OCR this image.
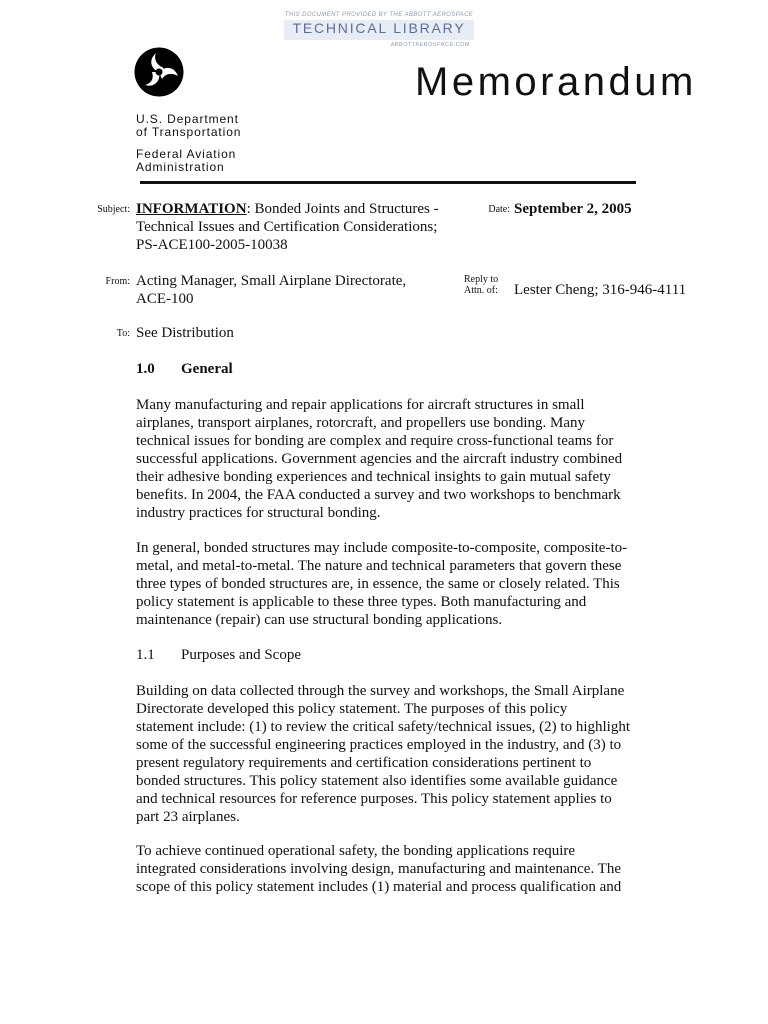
THIS DOCUMENT PROVIDED BY THE ABBOTT AEROSPACE
TECHNICAL LIBRARY
ABBOTTAEROSPACE.COM
Memorandum
U.S. Department
of Transportation
Federal Aviation
Administration
Subject: INFORMATION: Bonded Joints and Structures -
Technical Issues and Certification Considerations;
PS-ACE100-2005-10038
Date: September 2, 2005
From: Acting Manager, Small Airplane Directorate,
ACE-100
Reply to
Attn. of:	Lester Cheng; 316-946-4111
To: See Distribution
1.0 General
Many manufacturing and repair applications for aircraft structures in small
airplanes, transport airplanes, rotorcraft, and propellers use bonding. Many
technical issues for bonding are complex and require cross-functional teams for
successful applications. Government agencies and the aircraft industry combined
their adhesive bonding experiences and technical insights to gain mutual safety
benefits. In 2004, the FAA conducted a survey and two workshops to benchmark
industry practices for structural bonding.
In general, bonded structures may include composite-to-composite, composite-to-
metal, and metal-to-metal. The nature and technical parameters that govern these
three types of bonded structures are, in essence, the same or closely related. This
policy statement is applicable to these three types. Both manufacturing and
maintenance (repair) can use structural bonding applications.
1.1 Purposes and Scope
Building on data collected through the survey and workshops, the Small Airplane
Directorate developed this policy statement. The purposes of this policy
statement include: (1) to review the critical safety/technical issues, (2) to highlight
some of the successful engineering practices employed in the industry, and (3) to
present regulatory requirements and certification considerations pertinent to
bonded structures. This policy statement also identifies some available guidance
and technical resources for reference purposes. This policy statement applies to
part 23 airplanes.
To achieve continued operational safety, the bonding applications require
integrated considerations involving design, manufacturing and maintenance. The
scope of this policy statement includes (1) material and process qualification and
